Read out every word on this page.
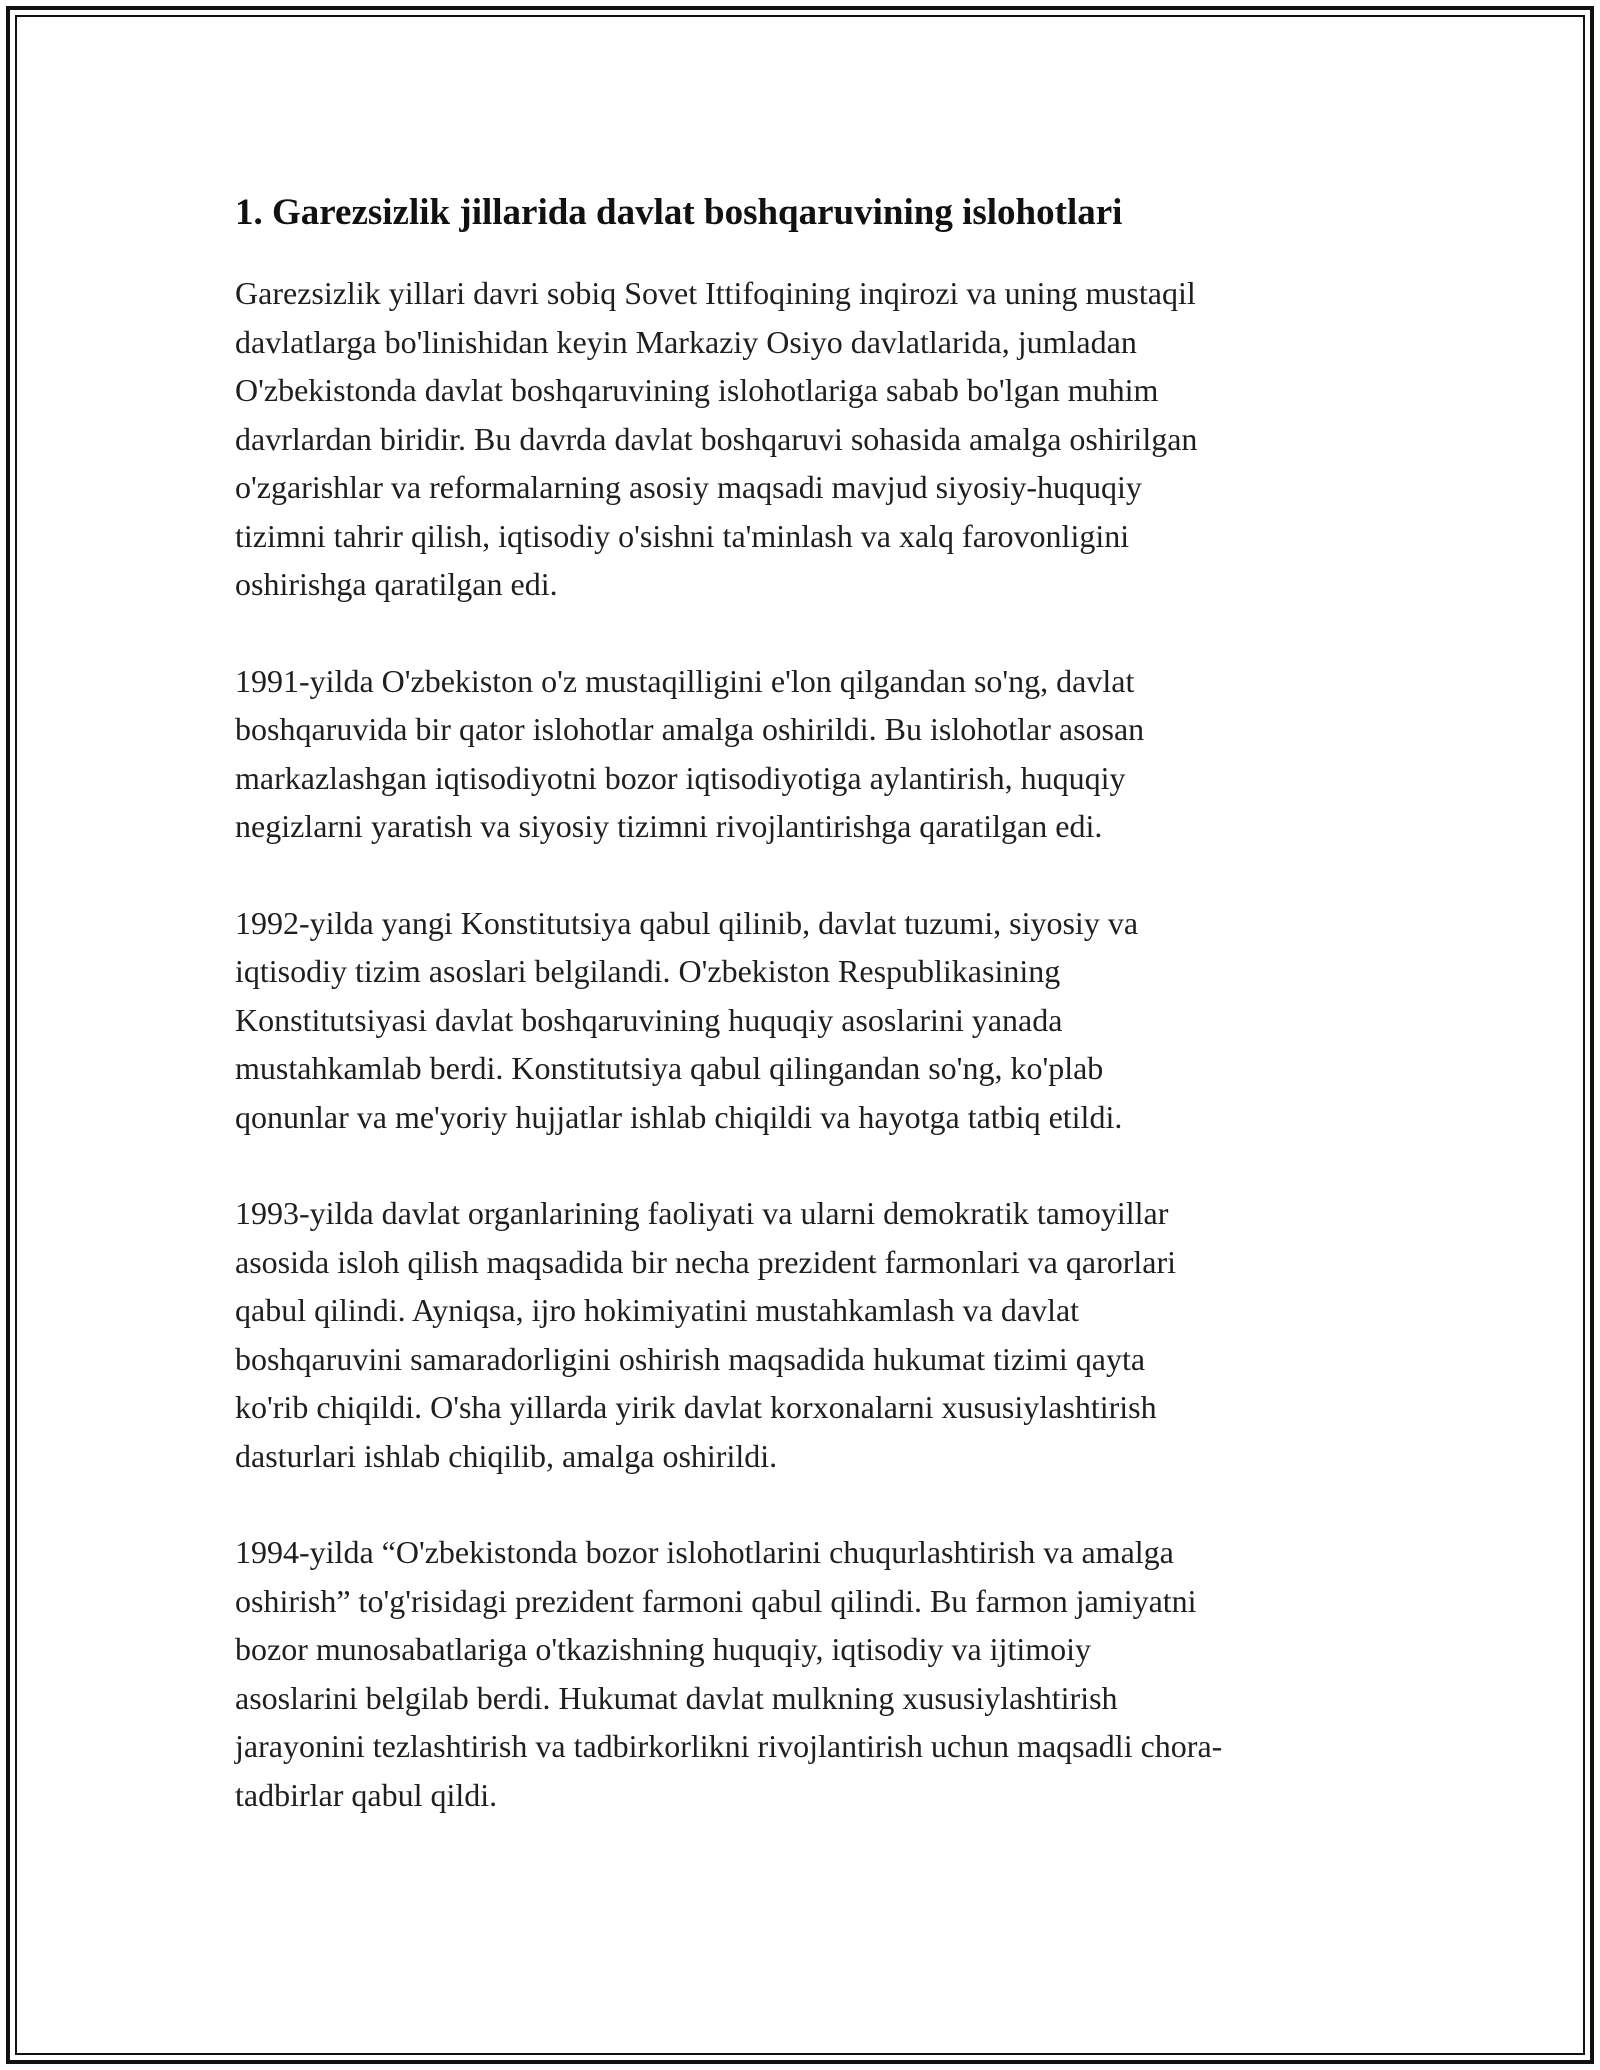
1. Garezsizlik jillarida davlat boshqaruvining islohotlari

Garezsizlik yillari davri sobiq Sovet Ittifoqining inqirozi va uning mustaqil
davlatlarga bo'linishidan keyin Markaziy Osiyo davlatlarida, jumladan
O'zbekistonda davlat boshqaruvining islohotlariga sabab bo'lgan muhim
davrlardan biridir. Bu davrda davlat boshqaruvi sohasida amalga oshirilgan
o'zgarishlar va reformalarning asosiy maqsadi mavjud siyosiy-huquqiy
tizimni tahrir qilish, iqtisodiy o'sishni ta'minlash va xalq farovonligini
oshirishga qaratilgan edi.

1991-yilda O'zbekiston o'z mustaqilligini e'lon qilgandan so'ng, davlat
boshqaruvida bir qator islohotlar amalga oshirildi. Bu islohotlar asosan
markazlashgan iqtisodiyotni bozor iqtisodiyotiga aylantirish, huquqiy
negizlarni yaratish va siyosiy tizimni rivojlantirishga qaratilgan edi.

1992-yilda yangi Konstitutsiya qabul qilinib, davlat tuzumi, siyosiy va
iqtisodiy tizim asoslari belgilandi. O'zbekiston Respublikasining
Konstitutsiyasi davlat boshqaruvining huquqiy asoslarini yanada
mustahkamlab berdi. Konstitutsiya qabul qilingandan so'ng, ko'plab
qonunlar va me'yoriy hujjatlar ishlab chiqildi va hayotga tatbiq etildi.

1993-yilda davlat organlarining faoliyati va ularni demokratik tamoyillar
asosida isloh qilish maqsadida bir necha prezident farmonlari va qarorlari
qabul qilindi. Ayniqsa, ijro hokimiyatini mustahkamlash va davlat
boshqaruvini samaradorligini oshirish maqsadida hukumat tizimi qayta
ko'rib chiqildi. O'sha yillarda yirik davlat korxonalarni xususiylashtirish
dasturlari ishlab chiqilib, amalga oshirildi.

1994-yilda “O'zbekistonda bozor islohotlarini chuqurlashtirish va amalga
oshirish” to'g'risidagi prezident farmoni qabul qilindi. Bu farmon jamiyatni
bozor munosabatlariga o'tkazishning huquqiy, iqtisodiy va ijtimoiy
asoslarini belgilab berdi. Hukumat davlat mulkning xususiylashtirish
jarayonini tezlashtirish va tadbirkorlikni rivojlantirish uchun maqsadli chora-
tadbirlar qabul qildi.
